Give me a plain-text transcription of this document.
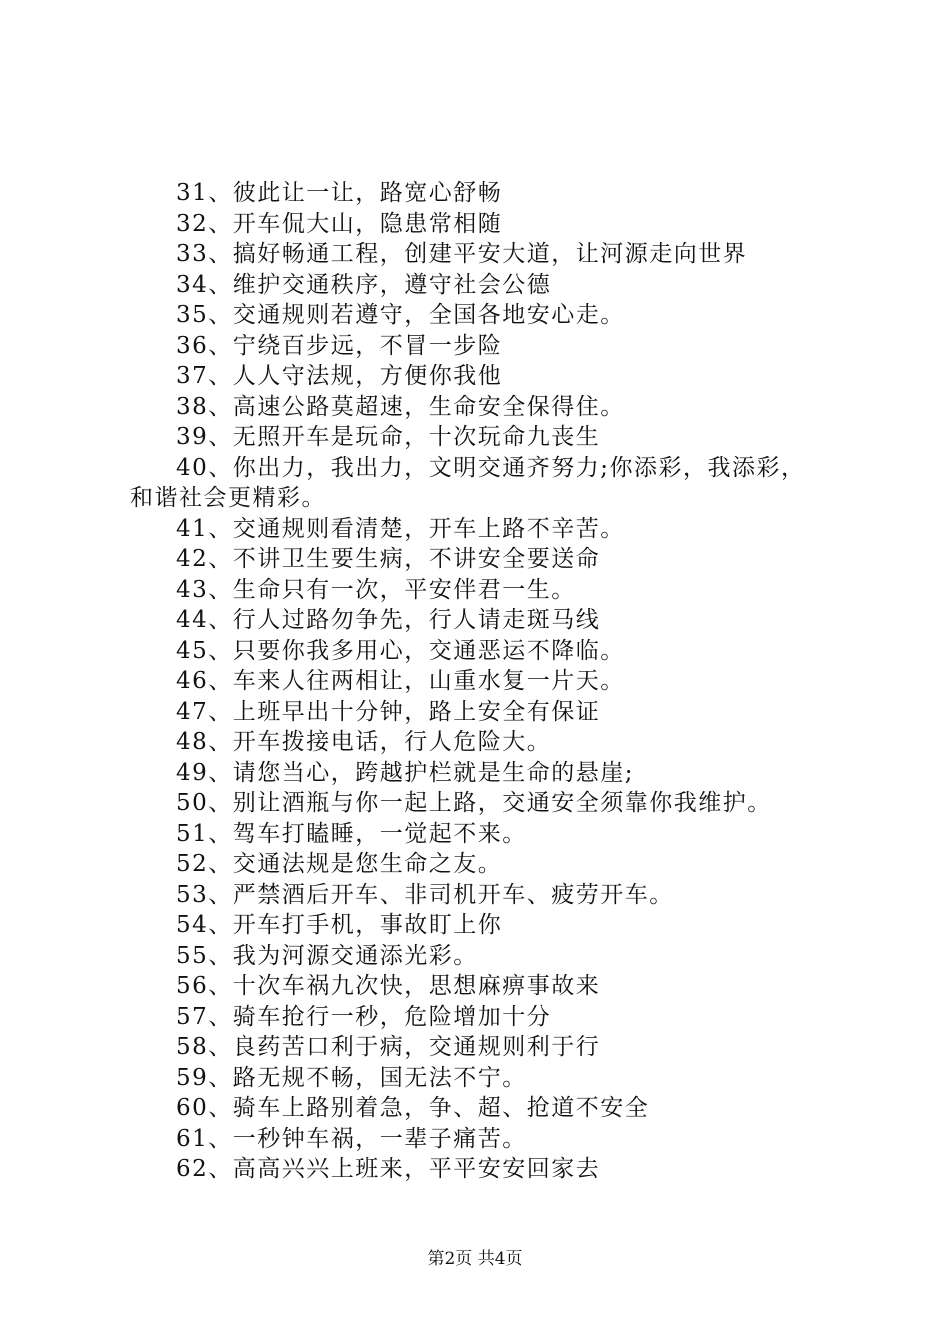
31、彼此让一让，路宽心舒畅
32、开车侃大山，隐患常相随
33、搞好畅通工程，创建平安大道，让河源走向世界
34、维护交通秩序，遵守社会公德
35、交通规则若遵守，全国各地安心走。
36、宁绕百步远，不冒一步险
37、人人守法规，方便你我他
38、高速公路莫超速，生命安全保得住。
39、无照开车是玩命，十次玩命九丧生
40、你出力，我出力，文明交通齐努力;你添彩，我添彩，
和谐社会更精彩。
41、交通规则看清楚，开车上路不辛苦。
42、不讲卫生要生病，不讲安全要送命
43、生命只有一次，平安伴君一生。
44、行人过路勿争先，行人请走斑马线
45、只要你我多用心，交通恶运不降临。
46、车来人往两相让，山重水复一片天。
47、上班早出十分钟，路上安全有保证
48、开车拨接电话，行人危险大。
49、请您当心，跨越护栏就是生命的悬崖;
50、别让酒瓶与你一起上路，交通安全须靠你我维护。
51、驾车打瞌睡，一觉起不来。
52、交通法规是您生命之友。
53、严禁酒后开车、非司机开车、疲劳开车。
54、开车打手机，事故盯上你
55、我为河源交通添光彩。
56、十次车祸九次快，思想麻痹事故来
57、骑车抢行一秒，危险增加十分
58、良药苦口利于病，交通规则利于行
59、路无规不畅，国无法不宁。
60、骑车上路别着急，争、超、抢道不安全
61、一秒钟车祸，一辈子痛苦。
62、高高兴兴上班来，平平安安回家去
第2页 共4页
